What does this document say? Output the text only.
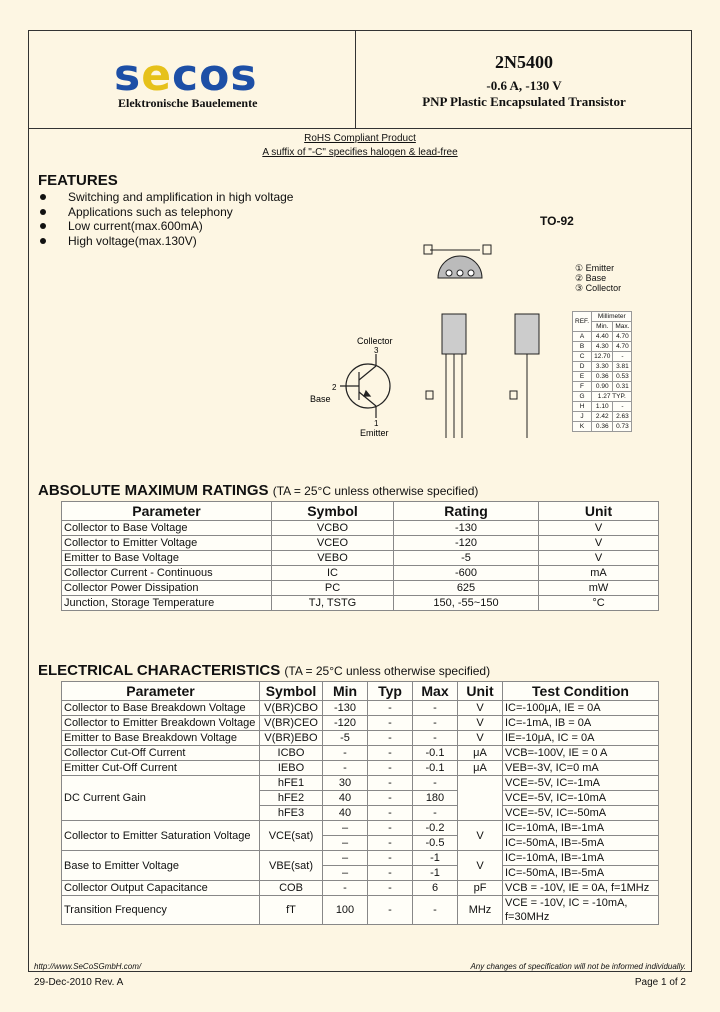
secos
Elektronische Bauelemente
2N5400
-0.6 A, -130 V
PNP Plastic Encapsulated Transistor
RoHS Compliant Product
A suffix of "-C" specifies halogen & lead-free
FEATURES
Switching and amplification in high voltage
Applications such as telephony
Low current(max.600mA)
High voltage(max.130V)
TO-92
① Emitter
② Base
③ Collector
Collector
Base
Emitter
3
2
1
REF.	Millimeter	
	Min.	Max.
A	4.40	4.70
B	4.30	4.70
C	12.70	-
D	3.30	3.81
E	0.36	0.53
F	0.90	0.31
G	1.27 TYP.	
H	1.10	-
J	2.42	2.63
K	0.36	0.73
ABSOLUTE MAXIMUM RATINGS (TA = 25°C unless otherwise specified)
Parameter	Symbol	Rating	Unit
Collector to Base Voltage	VCBO	-130	V
Collector to Emitter Voltage	VCEO	-120	V
Emitter to Base Voltage	VEBO	-5	V
Collector Current - Continuous	IC	-600	mA
Collector Power Dissipation	PC	625	mW
Junction, Storage Temperature	TJ, TSTG	150, -55~150	°C
ELECTRICAL CHARACTERISTICS (TA = 25°C unless otherwise specified)
Parameter	Symbol	Min	Typ	Max	Unit	Test Condition
Collector to Base Breakdown Voltage	V(BR)CBO	-130	-	-	V	IC=-100μA, IE = 0A
Collector to Emitter Breakdown Voltage	V(BR)CEO	-120	-	-	V	IC=-1mA, IB = 0A
Emitter to Base Breakdown Voltage	V(BR)EBO	-5	-	-	V	IE=-10μA, IC = 0A
Collector Cut-Off Current	ICBO	-	-	-0.1	μA	VCB=-100V, IE = 0 A
Emitter Cut-Off Current	IEBO	-	-	-0.1	μA	VEB=-3V, IC=0 mA
DC Current Gain	hFE1	30	-	-		VCE=-5V, IC=-1mA
	hFE2	40	-	180		VCE=-5V, IC=-10mA
	hFE3	40	-	-		VCE=-5V, IC=-50mA
Collector to Emitter Saturation Voltage	VCE(sat)	–	-	-0.2	V	IC=-10mA, IB=-1mA
		–	-	-0.5		IC=-50mA, IB=-5mA
Base to Emitter Voltage	VBE(sat)	–	-	-1	V	IC=-10mA, IB=-1mA
		–	-	-1		IC=-50mA, IB=-5mA
Collector Output Capacitance	COB	-	-	6	pF	VCB = -10V, IE = 0A, f=1MHz
Transition Frequency	fT	100	-	-	MHz	VCE = -10V, IC = -10mA, f=30MHz
http://www.SeCoSGmbH.com/	Any changes of specification will not be informed individually.
29-Dec-2010 Rev. A	Page 1 of 2
